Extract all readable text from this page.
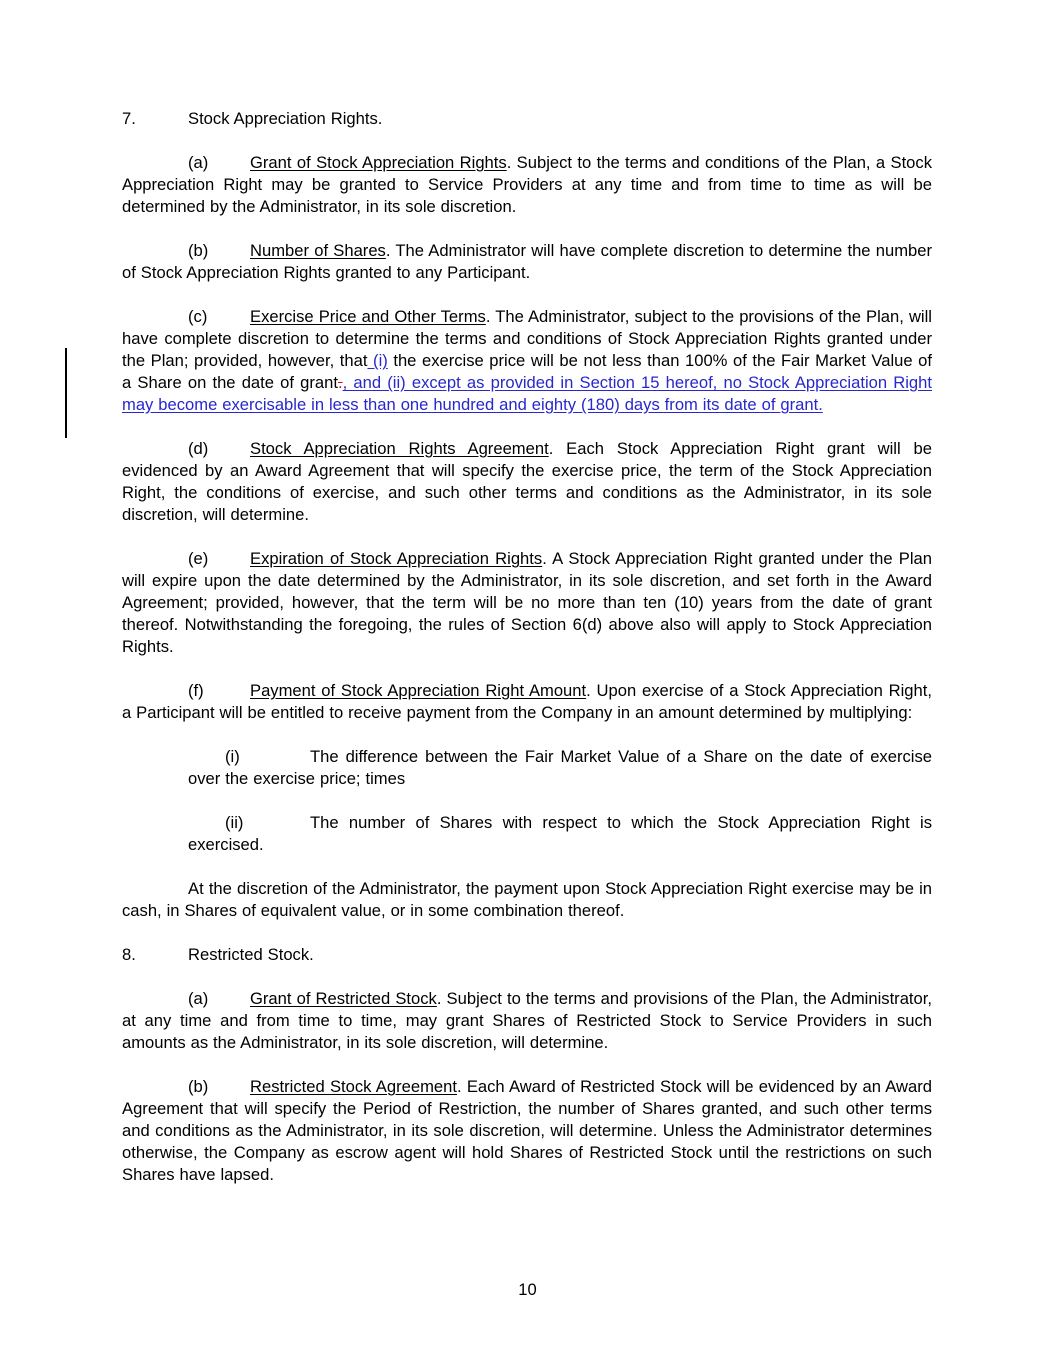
7.	Stock Appreciation Rights.

(a)	Grant of Stock Appreciation Rights. Subject to the terms and conditions of the Plan, a Stock Appreciation Right may be granted to Service Providers at any time and from time to time as will be determined by the Administrator, in its sole discretion.

(b)	Number of Shares. The Administrator will have complete discretion to determine the number of Stock Appreciation Rights granted to any Participant.

(c)	Exercise Price and Other Terms. The Administrator, subject to the provisions of the Plan, will have complete discretion to determine the terms and conditions of Stock Appreciation Rights granted under the Plan; provided, however, that (i) the exercise price will be not less than 100% of the Fair Market Value of a Share on the date of grant., and (ii) except as provided in Section 15 hereof, no Stock Appreciation Right may become exercisable in less than one hundred and eighty (180) days from its date of grant.

(d)	Stock Appreciation Rights Agreement. Each Stock Appreciation Right grant will be evidenced by an Award Agreement that will specify the exercise price, the term of the Stock Appreciation Right, the conditions of exercise, and such other terms and conditions as the Administrator, in its sole discretion, will determine.

(e)	Expiration of Stock Appreciation Rights. A Stock Appreciation Right granted under the Plan will expire upon the date determined by the Administrator, in its sole discretion, and set forth in the Award Agreement; provided, however, that the term will be no more than ten (10) years from the date of grant thereof. Notwithstanding the foregoing, the rules of Section 6(d) above also will apply to Stock Appreciation Rights.

(f)	Payment of Stock Appreciation Right Amount. Upon exercise of a Stock Appreciation Right, a Participant will be entitled to receive payment from the Company in an amount determined by multiplying:

(i)	The difference between the Fair Market Value of a Share on the date of exercise over the exercise price; times

(ii)	The number of Shares with respect to which the Stock Appreciation Right is exercised.

At the discretion of the Administrator, the payment upon Stock Appreciation Right exercise may be in cash, in Shares of equivalent value, or in some combination thereof.

8.	Restricted Stock.

(a)	Grant of Restricted Stock. Subject to the terms and provisions of the Plan, the Administrator, at any time and from time to time, may grant Shares of Restricted Stock to Service Providers in such amounts as the Administrator, in its sole discretion, will determine.

(b)	Restricted Stock Agreement. Each Award of Restricted Stock will be evidenced by an Award Agreement that will specify the Period of Restriction, the number of Shares granted, and such other terms and conditions as the Administrator, in its sole discretion, will determine. Unless the Administrator determines otherwise, the Company as escrow agent will hold Shares of Restricted Stock until the restrictions on such Shares have lapsed.

10
